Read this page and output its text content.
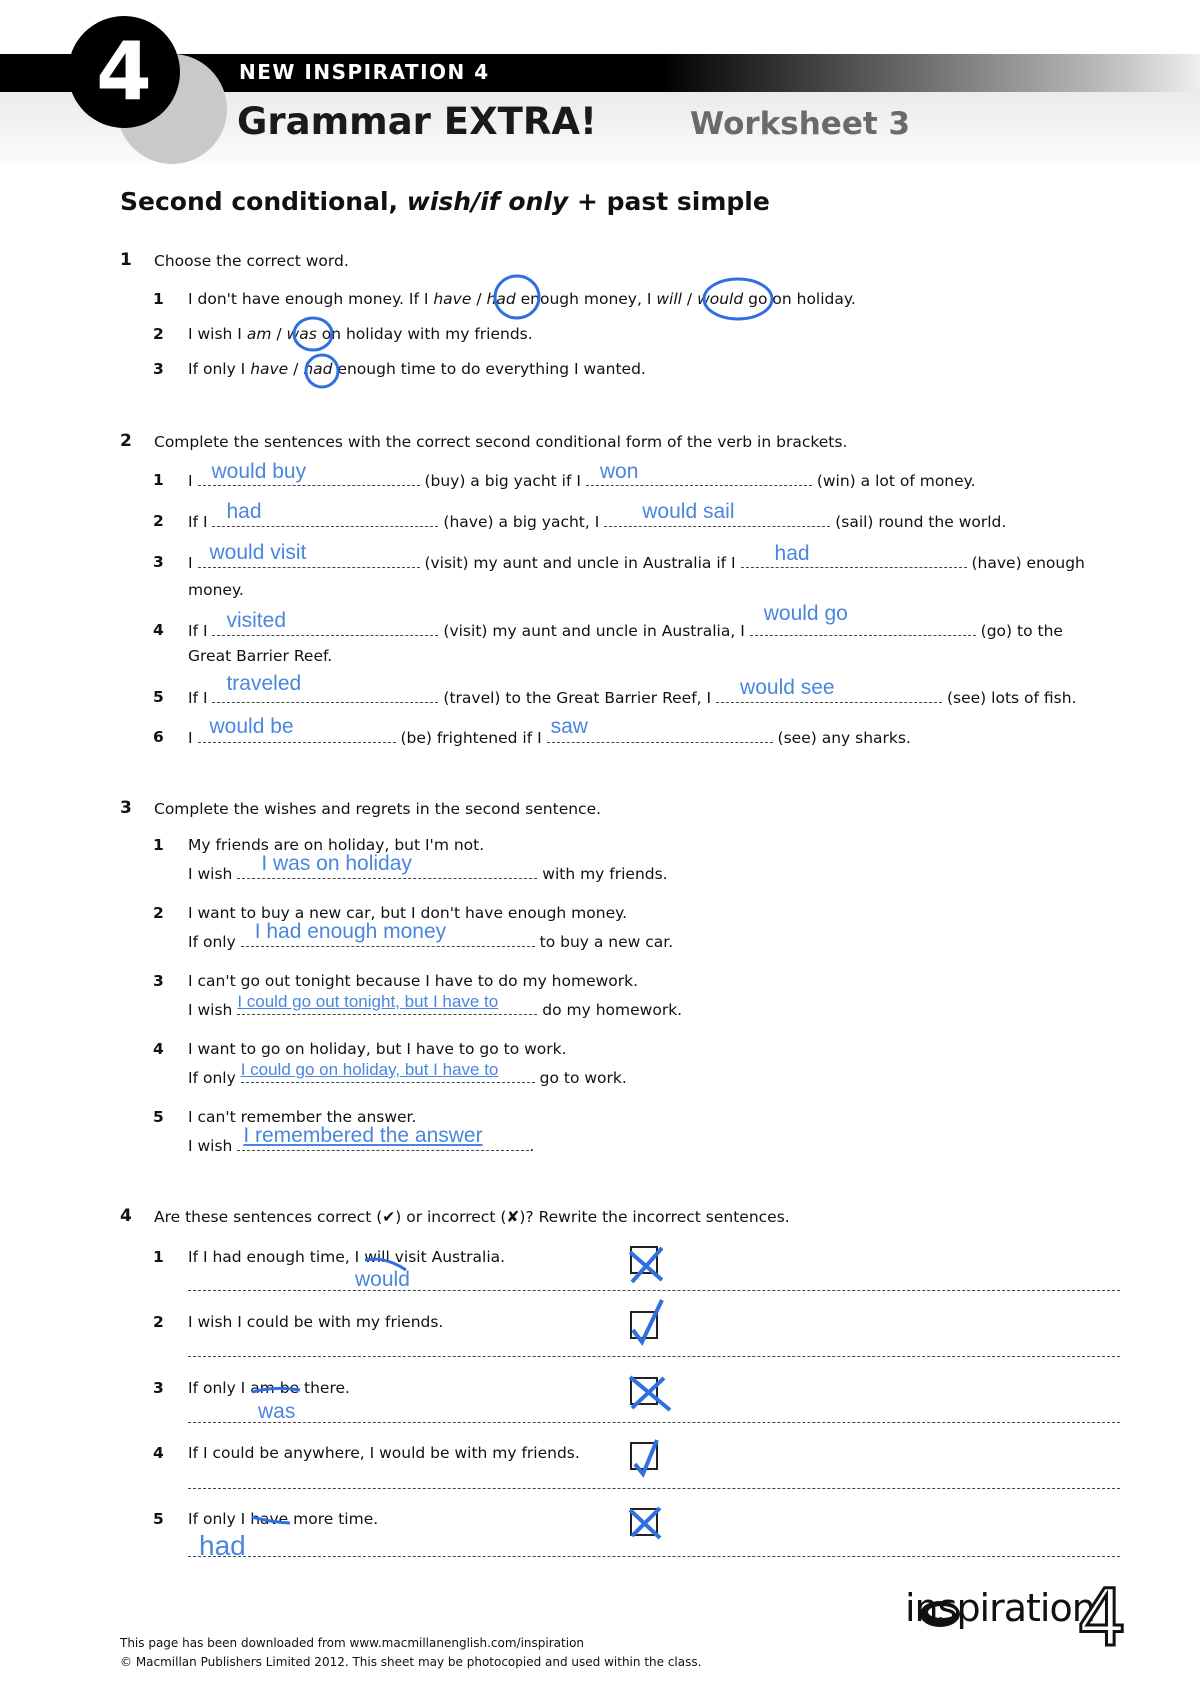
4	NEW INSPIRATION 4
Grammar EXTRA!	Worksheet 3
Second conditional, wish/if only + past simple
1 Choose the correct word.
1 I don't have enough money. If I have / had enough money, I will / would go on holiday.
2 I wish I am / was on holiday with my friends.
3 If only I have / had enough time to do everything I wanted.
2 Complete the sentences with the correct second conditional form of the verb in brackets.
1 I would buy	(buy) a big yacht if I won	(win) a lot of money.
2 If I had	(have) a big yacht, I would sail	(sail) round the world.
3 I would visit	(visit) my aunt and uncle in Australia if I had	(have) enough
money.
4 If I visited	(visit) my aunt and uncle in Australia, I
would go
(go) to the
Great Barrier Reef.
5 If I
traveled
(travel) to the Great Barrier Reef, I would see	(see) lots of fish.
6 I would be	(be) frightened if I saw	(see) any sharks.
3 Complete the wishes and regrets in the second sentence.
1 My friends are on holiday, but I'm not.
I wish I was on holiday	with my friends.
2 I want to buy a new car, but I don't have enough money.
If only I had enough money	to buy a new car.
3 I can't go out tonight because I have to do my homework.
I wish I could go out tonight, but I have to	do my homework.
4 I want to go on holiday, but I have to go to work.
If only I could go on holiday, but I have to	go to work.
5 I can't remember the answer.
I wish I remembered the answer	.
4 Are these sentences correct (✔) or incorrect (✘)? Rewrite the incorrect sentences.
1 If I had enough time, I will visit Australia.
would
2 I wish I could be with my friends.
3 If only I am be there.
was
4 If I could be anywhere, I would be with my friends.
5 If only I have more time.
had
This page has been downloaded from www.macmillanenglish.com/inspiration
© Macmillan Publishers Limited 2012. This sheet may be photocopied and used within the class.
inspiration
4
